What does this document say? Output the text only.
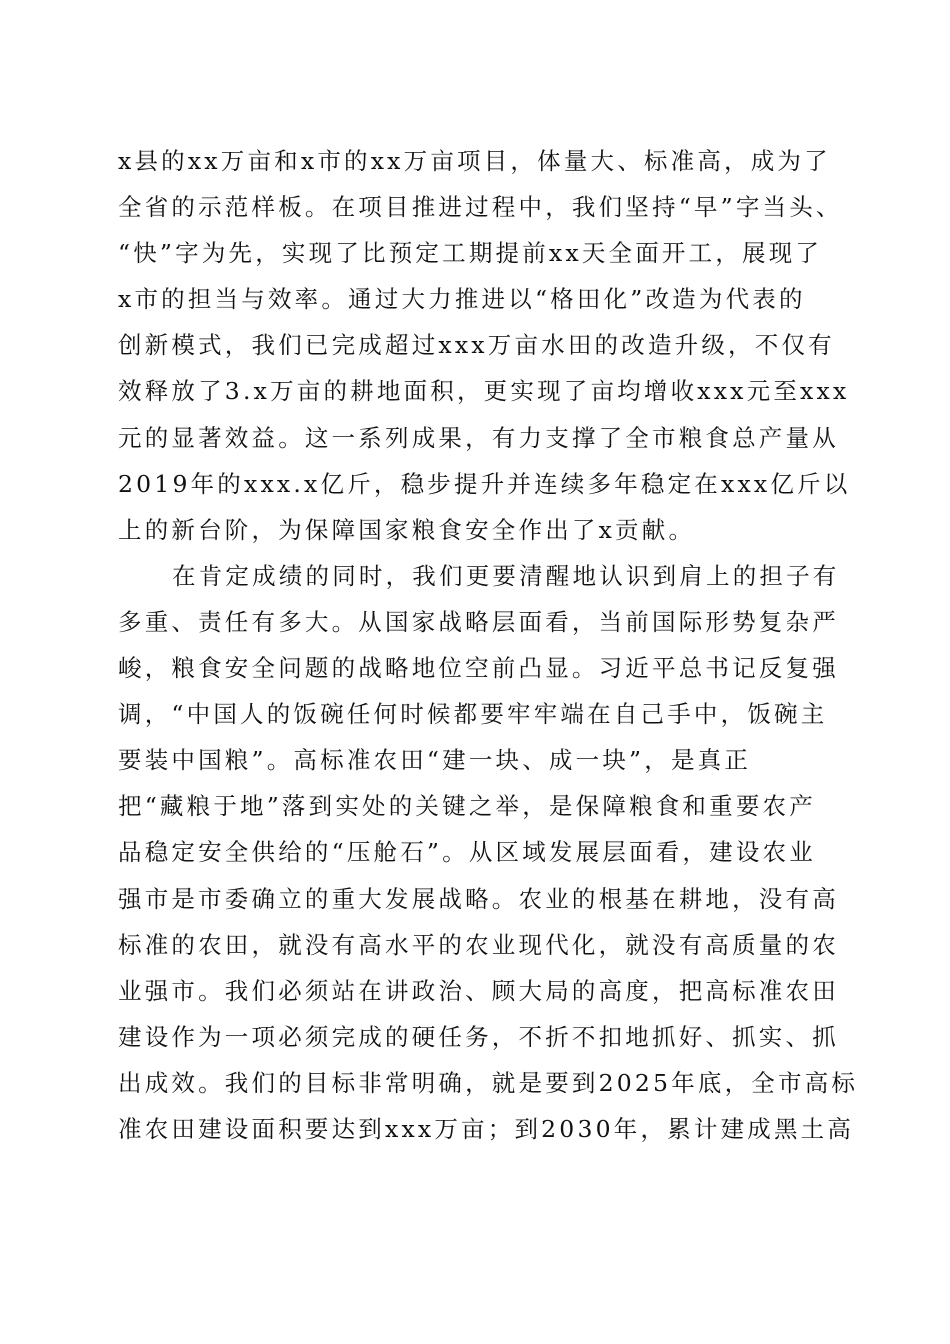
x县的xx万亩和x市的xx万亩项目，体量大、标准高，成为了
全省的示范样板。在项目推进过程中，我们坚持“早”字当头、
“快”字为先，实现了比预定工期提前xx天全面开工，展现了
x市的担当与效率。通过大力推进以“格田化”改造为代表的
创新模式，我们已完成超过xxx万亩水田的改造升级，不仅有
效释放了3.x万亩的耕地面积，更实现了亩均增收xxx元至xxx
元的显著效益。这一系列成果，有力支撑了全市粮食总产量从
2019年的xxx.x亿斤，稳步提升并连续多年稳定在xxx亿斤以
上的新台阶，为保障国家粮食安全作出了x贡献。
在肯定成绩的同时，我们更要清醒地认识到肩上的担子有
多重、责任有多大。从国家战略层面看，当前国际形势复杂严
峻，粮食安全问题的战略地位空前凸显。习近平总书记反复强
调，“中国人的饭碗任何时候都要牢牢端在自己手中，饭碗主
要装中国粮”。高标准农田“建一块、成一块”，是真正
把“藏粮于地”落到实处的关键之举，是保障粮食和重要农产
品稳定安全供给的“压舱石”。从区域发展层面看，建设农业
强市是市委确立的重大发展战略。农业的根基在耕地，没有高
标准的农田，就没有高水平的农业现代化，就没有高质量的农
业强市。我们必须站在讲政治、顾大局的高度，把高标准农田
建设作为一项必须完成的硬任务，不折不扣地抓好、抓实、抓
出成效。我们的目标非常明确，就是要到2025年底，全市高标
准农田建设面积要达到xxx万亩；到2030年，累计建成黑土高
